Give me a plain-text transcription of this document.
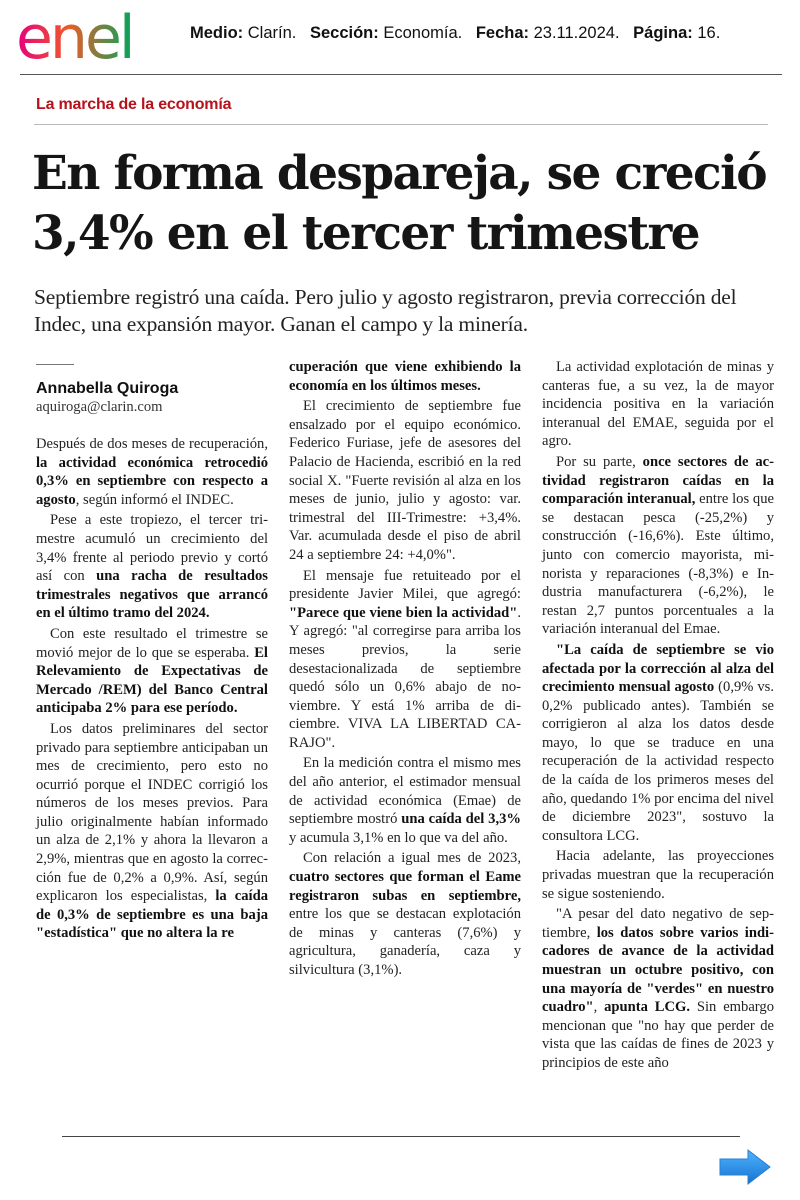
enel	Medio: Clarín. Sección: Economía. Fecha: 23.11.2024. Página: 16.
La marcha de la economía
En forma despareja, se creció 3,4% en el tercer trimestre

Septiembre registró una caída. Pero julio y agosto registraron, previa corrección del Indec, una expansión mayor. Ganan el campo y la minería.

Annabella Quiroga
aquiroga@clarin.com

Después de dos meses de recuperación, la actividad económica retrocedió 0,3% en septiembre con respecto a agosto, según informó el INDEC.

Pese a este tropiezo, el tercer trimestre acumuló un crecimiento del 3,4% frente al periodo previo y cortó así con una racha de resultados trimestrales negativos que arrancó en el último tramo del 2024.

Con este resultado el trimestre se movió mejor de lo que se esperaba. El Relevamiento de Expectativas de Mercado /REM) del Banco Central anticipaba 2% para ese período.

Los datos preliminares del sector privado para septiembre anticipaban un mes de crecimiento, pero esto no ocurrió porque el INDEC corrigió los números de los meses previos. Para julio originalmente habían informado un alza de 2,1% y ahora la llevaron a 2,9%, mientras que en agosto la corrección fue de 0,2% a 0,9%. Así, según explicaron los especialistas, la caída de 0,3% de septiembre es una baja "estadística" que no altera la re

cuperación que viene exhibiendo la economía en los últimos meses.

El crecimiento de septiembre fue ensalzado por el equipo económico. Federico Furiase, jefe de asesores del Palacio de Hacienda, escribió en la red social X. "Fuerte revisión al alza en los meses de junio, julio y agosto: var. trimestral del III-Trimestre: +3,4%. Var. acumulada desde el piso de abril 24 a septiembre 24: +4,0%".

El mensaje fue retuiteado por el presidente Javier Milei, que agregó: "Parece que viene bien la actividad". Y agregó: "al corregirse para arriba los meses previos, la serie desestacionalizada de septiembre quedó sólo un 0,6% abajo de noviembre. Y está 1% arriba de diciembre. VIVA LA LIBERTAD CARAJO".

En la medición contra el mismo mes del año anterior, el estimador mensual de actividad económica (Emae) de septiembre mostró una caída del 3,3% y acumula 3,1% en lo que va del año.

Con relación a igual mes de 2023, cuatro sectores que forman el Eame registraron subas en septiembre, entre los que se destacan explotación de minas y canteras (7,6%) y agricultura, ganadería, caza y silvicultura (3,1%).

La actividad explotación de minas y canteras fue, a su vez, la de mayor incidencia positiva en la variación interanual del EMAE, seguida por el agro.

Por su parte, once sectores de actividad registraron caídas en la comparación interanual, entre los que se destacan pesca (-25,2%) y construcción (-16,6%). Este último, junto con comercio mayorista, minorista y reparaciones (-8,3%) e Industria manufacturera (-6,2%), le restan 2,7 puntos porcentuales a la variación interanual del Emae.

"La caída de septiembre se vio afectada por la corrección al alza del crecimiento mensual agosto (0,9% vs. 0,2% publicado antes). También se corrigieron al alza los datos desde mayo, lo que se traduce en una recuperación de la actividad respecto de la caída de los primeros meses del año, quedando 1% por encima del nivel de diciembre 2023", sostuvo la consultora LCG.

Hacia adelante, las proyecciones privadas muestran que la recuperación se sigue sosteniendo.

"A pesar del dato negativo de septiembre, los datos sobre varios indicadores de avance de la actividad muestran un octubre positivo, con una mayoría de "verdes" en nuestro cuadro", apunta LCG. Sin embargo mencionan que "no hay que perder de vista que las caídas de fines de 2023 y principios de este año
